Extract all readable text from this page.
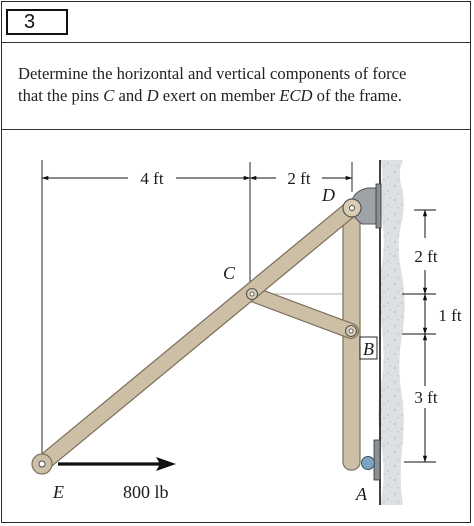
3

Determine the horizontal and vertical components of force
that the pins C and D exert on member ECD of the frame.

4 ft	2 ft
2 ft
1 ft
3 ft
D
C
B
A
E	800 lb
